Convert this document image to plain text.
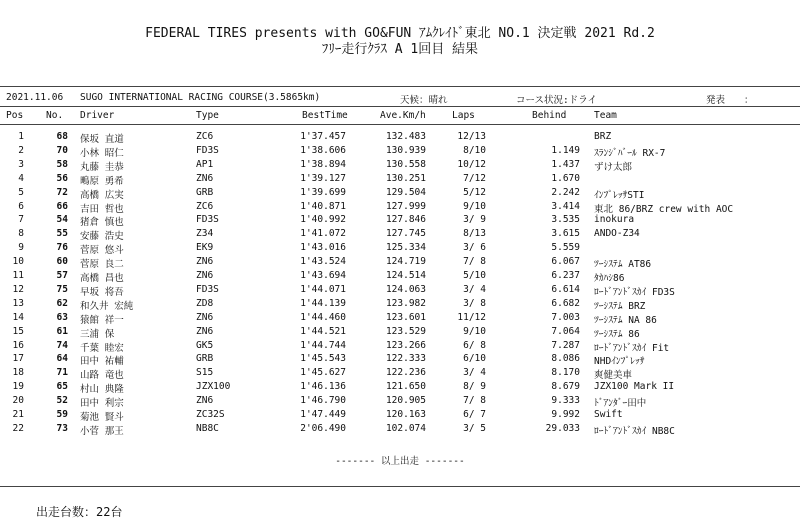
FEDERAL TIRES presents with GO&FUN ｱﾑｸﾚｲﾄﾞ東北 NO.1 決定戦 2021 Rd.2
ﾌﾘｰ走行ｸﾗｽ A 1回目 結果
2021.11.06 SUGO INTERNATIONAL RACING COURSE(3.5865km)	天候：晴れ	コース状況:ドライ	発表　　：
Pos No. Driver	Type	BestTime	Ave.Km/h	Laps	Behind	Team
1	68 保坂 直道	ZC6	1'37.457	132.483	12/13	BRZ
2	70 小林 昭仁	FD3S	1'38.606	130.939	8/10	1.149 ｽﾗﾝｼﾞﾊﾞｰﾙ RX-7
3	58 丸藤 圭恭	AP1	1'38.894	130.558	10/12	1.437 ずけ太郎
4	56 鴫原 勇希	ZN6	1'39.127	130.251	7/12	1.670
5	72 高橋 広実	GRB	1'39.699	129.504	5/12	2.242 ｲﾝﾌﾟﾚｯｻSTI
6	66 吉田 哲也	ZC6	1'40.871	127.999	9/10	3.414 東北 86/BRZ crew with AOC
7	54 猪倉 慎也	FD3S	1'40.992	127.846	3/ 9	3.535 inokura
8	55 安藤 浩史	Z34	1'41.072	127.745	8/13	3.615 ANDO-Z34
9	76 菅原 悠斗	EK9	1'43.016	125.334	3/ 6	5.559
10	60 菅原 良二	ZN6	1'43.524	124.719	7/ 8	6.067 ﾂｰｼｽﾃﾑ AT86
11	57 高橋 昌也	ZN6	1'43.694	124.514	5/10	6.237 ﾀｶﾊｼ86
12	75 早坂 将吾	FD3S	1'44.071	124.063	3/ 4	6.614 ﾛｰﾄﾞｱﾝﾄﾞｽｶｲ FD3S
13	62 和久井 宏純	ZD8	1'44.139	123.982	3/ 8	6.682 ﾂｰｼｽﾃﾑ BRZ
14	63 猿館 祥一	ZN6	1'44.460	123.601	11/12	7.003 ﾂｰｼｽﾃﾑ NA 86
15	61 三浦 保	ZN6	1'44.521	123.529	9/10	7.064 ﾂｰｼｽﾃﾑ 86
16	74 千葉 睦宏	GK5	1'44.744	123.266	6/ 8	7.287 ﾛｰﾄﾞｱﾝﾄﾞｽｶｲ Fit
17	64 田中 祐輔	GRB	1'45.543	122.333	6/10	8.086 NHDｲﾝﾌﾟﾚｯｻ
18	71 山路 竜也	S15	1'45.627	122.236	3/ 4	8.170 爽健美車
19	65 村山 典隆	JZX100	1'46.136	121.650	8/ 9	8.679 JZX100 Mark II
20	52 田中 利宗	ZN6	1'46.790	120.905	7/ 8	9.333 ﾄﾞｱﾝﾀﾞｰ田中
21	59 菊池 賢斗	ZC32S	1'47.449	120.163	6/ 7	9.992 Swift
22	73 小菅 那王	NB8C	2'06.490	102.074	3/ 5	29.033 ﾛｰﾄﾞｱﾝﾄﾞｽｶｲ NB8C
------- 以上出走 -------
出走台数：22台
